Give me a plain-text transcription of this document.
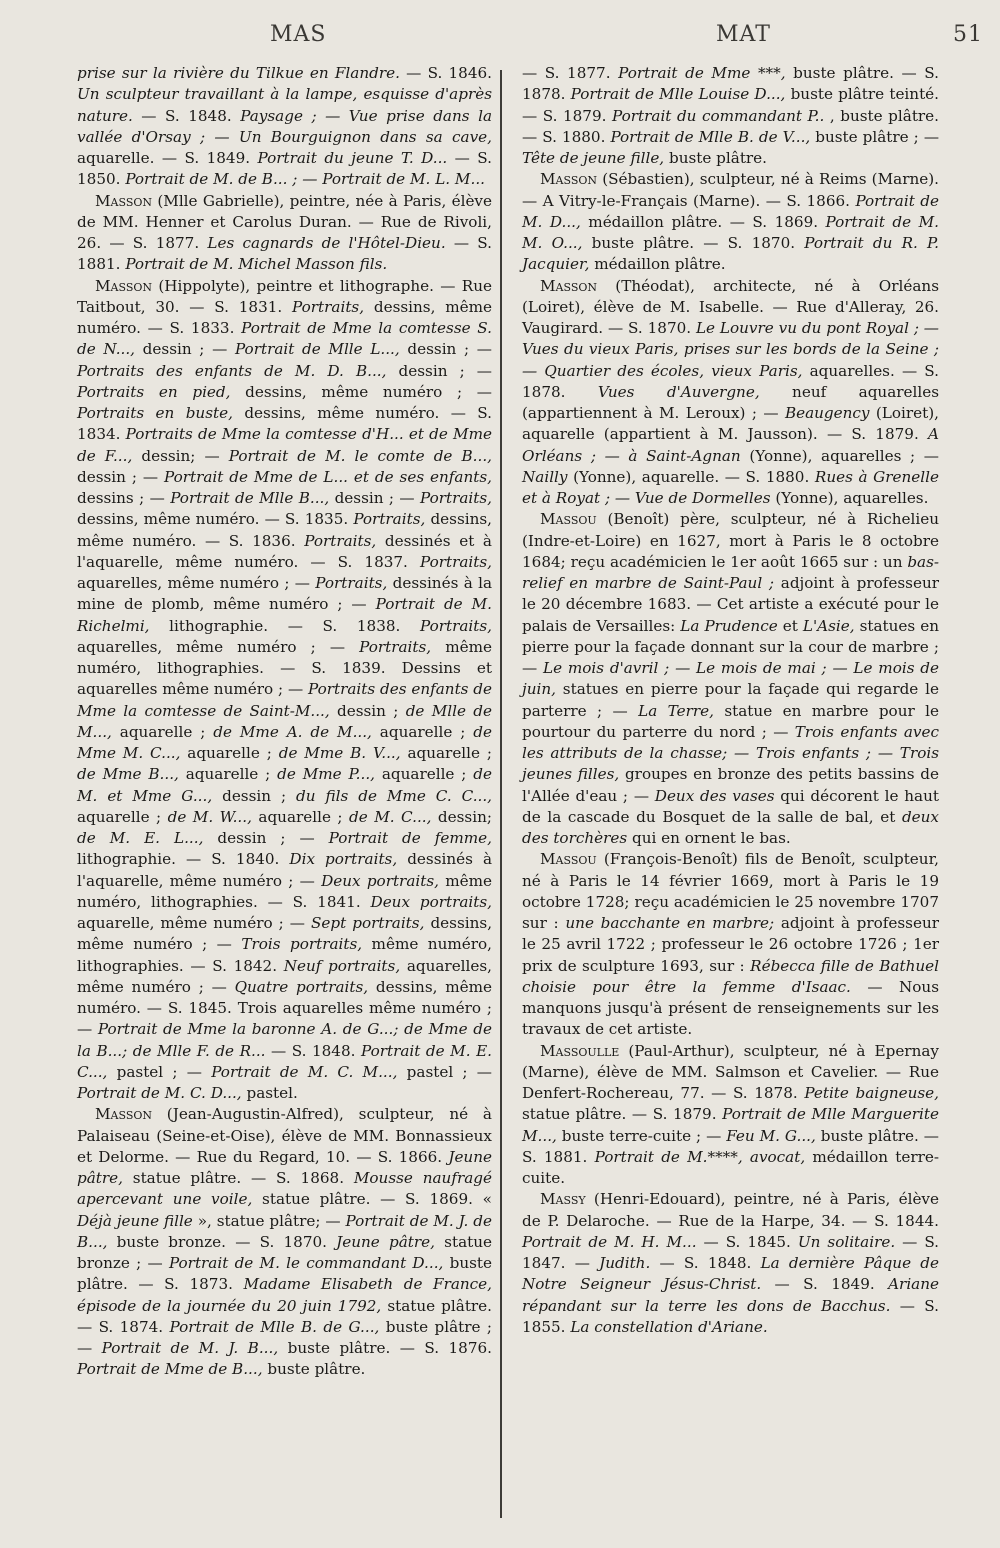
MAS	MAT	51

prise sur la rivière du Tilkue en Flandre. — S. 1846. Un sculpteur travaillant à la lampe, esquisse d'après nature. — S. 1848. Paysage ; — Vue prise dans la vallée d'Orsay ; — Un Bourguignon dans sa cave, aquarelle. — S. 1849. Portrait du jeune T. D... — S. 1850. Portrait de M. de B... ; — Portrait de M. L. M...

Masson (Mlle Gabrielle), peintre, née à Paris, élève de MM. Henner et Carolus Duran. — Rue de Rivoli, 26. — S. 1877. Les cagnards de l'Hôtel-Dieu. — S. 1881. Portrait de M. Michel Masson fils.

Masson (Hippolyte), peintre et lithographe. — Rue Taitbout, 30. — S. 1831. Portraits, dessins, même numéro. — S. 1833. Portrait de Mme la comtesse S. de N..., dessin ; — Portrait de Mlle L..., dessin ; — Portraits des enfants de M. D. B..., dessin ; — Portraits en pied, dessins, même numéro ; — Portraits en buste, dessins, même numéro. — S. 1834. Portraits de Mme la comtesse d'H... et de Mme de F..., dessin; — Portrait de M. le comte de B..., dessin ; — Portrait de Mme de L... et de ses enfants, dessins ; — Portrait de Mlle B..., dessin ; — Portraits, dessins, même numéro. — S. 1835. Portraits, dessins, même numéro. — S. 1836. Portraits, dessinés et à l'aquarelle, même numéro. — S. 1837. Portraits, aquarelles, même numéro ; — Portraits, dessinés à la mine de plomb, même numéro ; — Portrait de M. Richelmi, lithographie. — S. 1838. Portraits, aquarelles, même numéro ; — Portraits, même numéro, lithographies. — S. 1839. Dessins et aquarelles même numéro ; — Portraits des enfants de Mme la comtesse de Saint-M..., dessin ; de Mlle de M..., aquarelle ; de Mme A. de M..., aquarelle ; de Mme M. C..., aquarelle ; de Mme B. V..., aquarelle ; de Mme B..., aquarelle ; de Mme P..., aquarelle ; de M. et Mme G..., dessin ; du fils de Mme C. C..., aquarelle ; de M. W..., aquarelle ; de M. C..., dessin; de M. E. L..., dessin ; — Portrait de femme, lithographie. — S. 1840. Dix portraits, dessinés à l'aquarelle, même numéro ; — Deux portraits, même numéro, lithographies. — S. 1841. Deux portraits, aquarelle, même numéro ; — Sept portraits, dessins, même numéro ; — Trois portraits, même numéro, lithographies. — S. 1842. Neuf portraits, aquarelles, même numéro ; — Quatre portraits, dessins, même numéro. — S. 1845. Trois aquarelles même numéro ; — Portrait de Mme la baronne A. de G...; de Mme de la B...; de Mlle F. de R... — S. 1848. Portrait de M. E. C..., pastel ; — Portrait de M. C. M..., pastel ; — Portrait de M. C. D..., pastel.

Masson (Jean-Augustin-Alfred), sculpteur, né à Palaiseau (Seine-et-Oise), élève de MM. Bonnassieux et Delorme. — Rue du Regard, 10. — S. 1866. Jeune pâtre, statue plâtre. — S. 1868. Mousse naufragé apercevant une voile, statue plâtre. — S. 1869. « Déjà jeune fille », statue plâtre; — Portrait de M. J. de B..., buste bronze. — S. 1870. Jeune pâtre, statue bronze ; — Portrait de M. le commandant D..., buste plâtre. — S. 1873. Madame Elisabeth de France, épisode de la journée du 20 juin 1792, statue plâtre. — S. 1874. Portrait de Mlle B. de G..., buste plâtre ; — Portrait de M. J. B..., buste plâtre. — S. 1876. Portrait de Mme de B..., buste plâtre.

— S. 1877. Portrait de Mme ***, buste plâtre. — S. 1878. Portrait de Mlle Louise D..., buste plâtre teinté. — S. 1879. Portrait du commandant P.. , buste plâtre. — S. 1880. Portrait de Mlle B. de V..., buste plâtre ; — Tête de jeune fille, buste plâtre.

Masson (Sébastien), sculpteur, né à Reims (Marne). — A Vitry-le-Français (Marne). — S. 1866. Portrait de M. D..., médaillon plâtre. — S. 1869. Portrait de M. M. O..., buste plâtre. — S. 1870. Portrait du R. P. Jacquier, médaillon plâtre.

Masson (Théodat), architecte, né à Orléans (Loiret), élève de M. Isabelle. — Rue d'Alleray, 26. Vaugirard. — S. 1870. Le Louvre vu du pont Royal ; — Vues du vieux Paris, prises sur les bords de la Seine ; — Quartier des écoles, vieux Paris, aquarelles. — S. 1878. Vues d'Auvergne, neuf aquarelles (appartiennent à M. Leroux) ; — Beaugency (Loiret), aquarelle (appartient à M. Jausson). — S. 1879. A Orléans ; — à Saint-Agnan (Yonne), aquarelles ; — Nailly (Yonne), aquarelle. — S. 1880. Rues à Grenelle et à Royat ; — Vue de Dormelles (Yonne), aquarelles.

Massou (Benoît) père, sculpteur, né à Richelieu (Indre-et-Loire) en 1627, mort à Paris le 8 octobre 1684; reçu académicien le 1er août 1665 sur : un bas-relief en marbre de Saint-Paul ; adjoint à professeur le 20 décembre 1683. — Cet artiste a exécuté pour le palais de Versailles: La Prudence et L'Asie, statues en pierre pour la façade donnant sur la cour de marbre ; — Le mois d'avril ; — Le mois de mai ; — Le mois de juin, statues en pierre pour la façade qui regarde le parterre ; — La Terre, statue en marbre pour le pourtour du parterre du nord ; — Trois enfants avec les attributs de la chasse; — Trois enfants ; — Trois jeunes filles, groupes en bronze des petits bassins de l'Allée d'eau ; — Deux des vases qui décorent le haut de la cascade du Bosquet de la salle de bal, et deux des torchères qui en ornent le bas.

Massou (François-Benoît) fils de Benoît, sculpteur, né à Paris le 14 février 1669, mort à Paris le 19 octobre 1728; reçu académicien le 25 novembre 1707 sur : une bacchante en marbre; adjoint à professeur le 25 avril 1722 ; professeur le 26 octobre 1726 ; 1er prix de sculpture 1693, sur : Rébecca fille de Bathuel choisie pour être la femme d'Isaac. — Nous manquons jusqu'à présent de renseignements sur les travaux de cet artiste.

Massoulle (Paul-Arthur), sculpteur, né à Epernay (Marne), élève de MM. Salmson et Cavelier. — Rue Denfert-Rochereau, 77. — S. 1878. Petite baigneuse, statue plâtre. — S. 1879. Portrait de Mlle Marguerite M..., buste terre-cuite ; — Feu M. G..., buste plâtre. — S. 1881. Portrait de M.****, avocat, médaillon terre-cuite.

Massy (Henri-Edouard), peintre, né à Paris, élève de P. Delaroche. — Rue de la Harpe, 34. — S. 1844. Portrait de M. H. M... — S. 1845. Un solitaire. — S. 1847. — Judith. — S. 1848. La dernière Pâque de Notre Seigneur Jésus-Christ. — S. 1849. Ariane répandant sur la terre les dons de Bacchus. — S. 1855. La constellation d'Ariane.
